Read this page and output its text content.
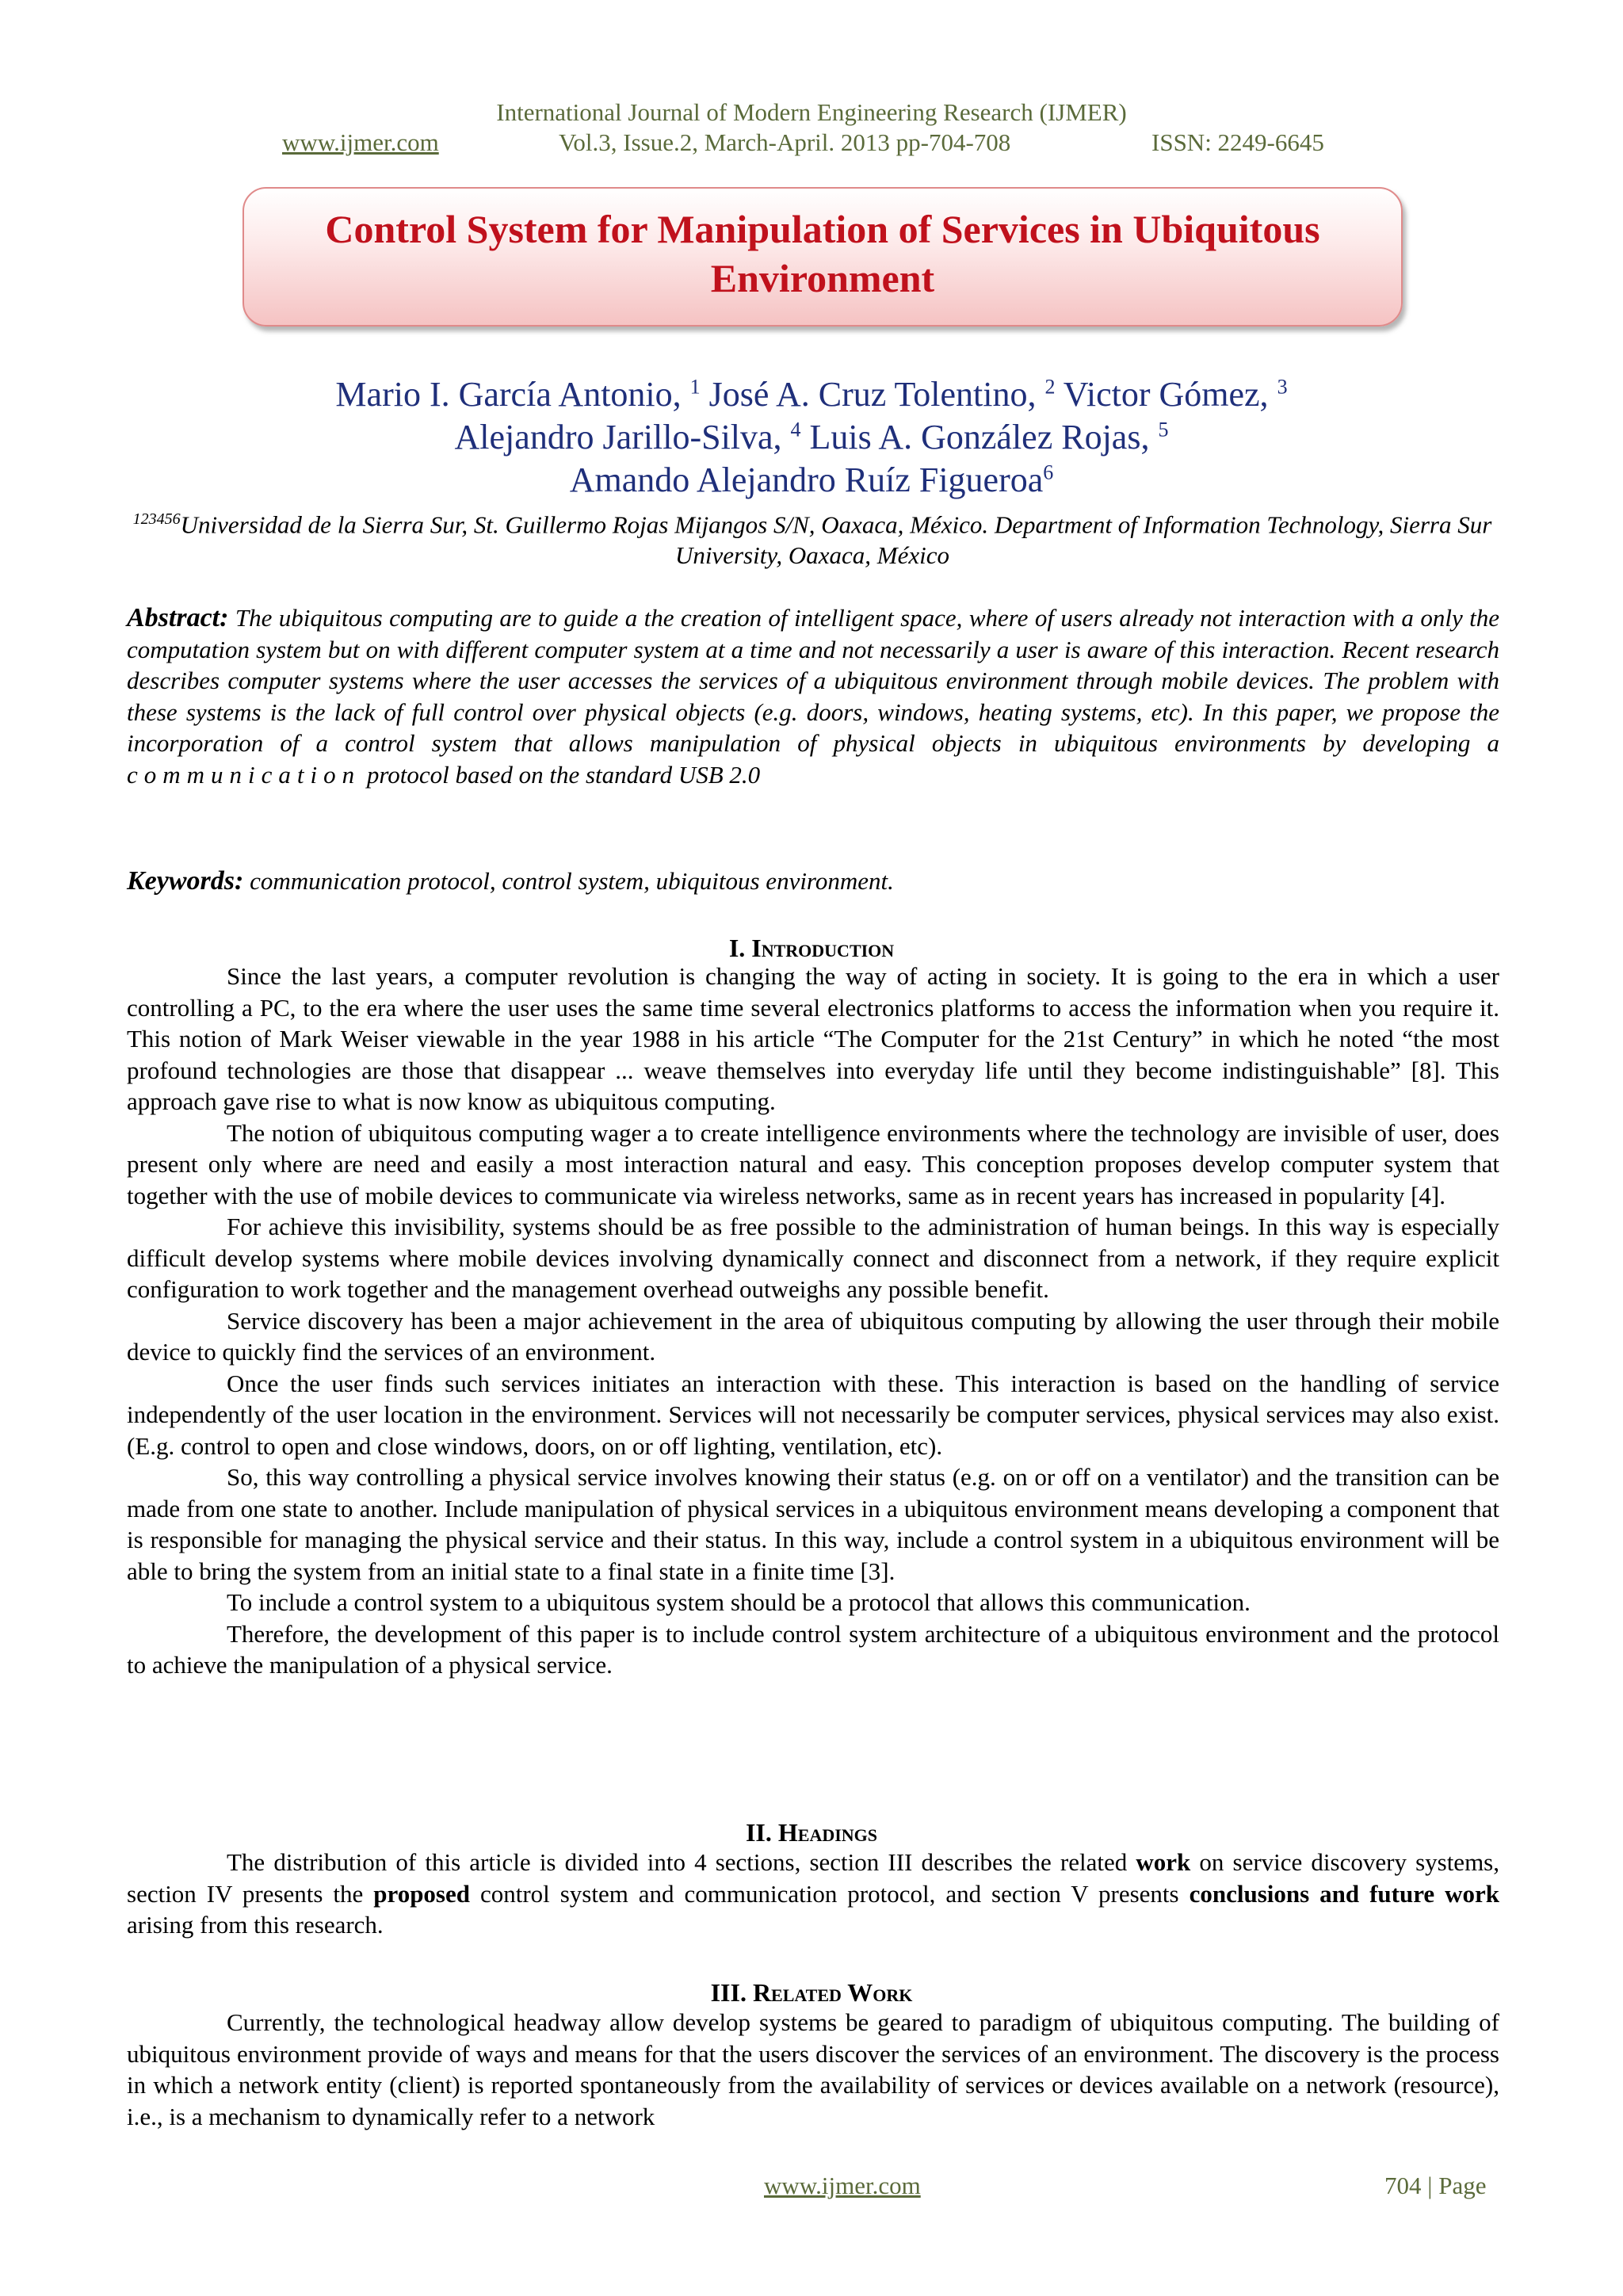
International Journal of Modern Engineering Research (IJMER)
www.ijmer.com	Vol.3, Issue.2, March-April. 2013 pp-704-708	ISSN: 2249-6645
Control System for Manipulation of Services in Ubiquitous Environment
Mario I. García Antonio, $^1$ José A. Cruz Tolentino, $^2$ Victor Gómez, $^3$
Alejandro Jarillo-Silva, $^4$ Luis A. González Rojas, $^5$
Amando Alejandro Ruíz Figueroa$^6$
$^{123456}$Universidad de la Sierra Sur, St. Guillermo Rojas Mijangos S/N, Oaxaca, México. Department of Information Technology, Sierra Sur University, Oaxaca, México
Abstract: The ubiquitous computing are to guide a the creation of intelligent space, where of users already not interaction with a only the computation system but on with different computer system at a time and not necessarily a user is aware of this interaction. Recent research describes computer systems where the user accesses the services of a ubiquitous environment through mobile devices. The problem with these systems is the lack of full control over physical objects (e.g. doors, windows, heating systems, etc). In this paper, we propose the incorporation of a control system that allows manipulation of physical objects in ubiquitous environments by developing a communication protocol based on the standard USB 2.0
Keywords: communication protocol, control system, ubiquitous environment.
I. Introduction

Since the last years, a computer revolution is changing the way of acting in society. It is going to the era in which a user controlling a PC, to the era where the user uses the same time several electronics platforms to access the information when you require it. This notion of Mark Weiser viewable in the year 1988 in his article “The Computer for the 21st Century” in which he noted “the most profound technologies are those that disappear ... weave themselves into everyday life until they become indistinguishable” [8]. This approach gave rise to what is now know as ubiquitous computing.

The notion of ubiquitous computing wager a to create intelligence environments where the technology are invisible of user, does present only where are need and easily a most interaction natural and easy. This conception proposes develop computer system that together with the use of mobile devices to communicate via wireless networks, same as in recent years has increased in popularity [4].

For achieve this invisibility, systems should be as free possible to the administration of human beings. In this way is especially difficult develop systems where mobile devices involving dynamically connect and disconnect from a network, if they require explicit configuration to work together and the management overhead outweighs any possible benefit.

Service discovery has been a major achievement in the area of ubiquitous computing by allowing the user through their mobile device to quickly find the services of an environment.

Once the user finds such services initiates an interaction with these. This interaction is based on the handling of service independently of the user location in the environment. Services will not necessarily be computer services, physical services may also exist. (E.g. control to open and close windows, doors, on or off lighting, ventilation, etc).

So, this way controlling a physical service involves knowing their status (e.g. on or off on a ventilator) and the transition can be made from one state to another. Include manipulation of physical services in a ubiquitous environment means developing a component that is responsible for managing the physical service and their status. In this way, include a control system in a ubiquitous environment will be able to bring the system from an initial state to a final state in a finite time [3].

To include a control system to a ubiquitous system should be a protocol that allows this communication.

Therefore, the development of this paper is to include control system architecture of a ubiquitous environment and the protocol to achieve the manipulation of a physical service.

II. Headings

The distribution of this article is divided into 4 sections, section III describes the related work on service discovery systems, section IV presents the proposed control system and communication protocol, and section V presents conclusions and future work arising from this research.

III. Related Work

Currently, the technological headway allow develop systems be geared to paradigm of ubiquitous computing. The building of ubiquitous environment provide of ways and means for that the users discover the services of an environment. The discovery is the process in which a network entity (client) is reported spontaneously from the availability of services or devices available on a network (resource), i.e., is a mechanism to dynamically refer to a network

www.ijmer.com	704 | Page
